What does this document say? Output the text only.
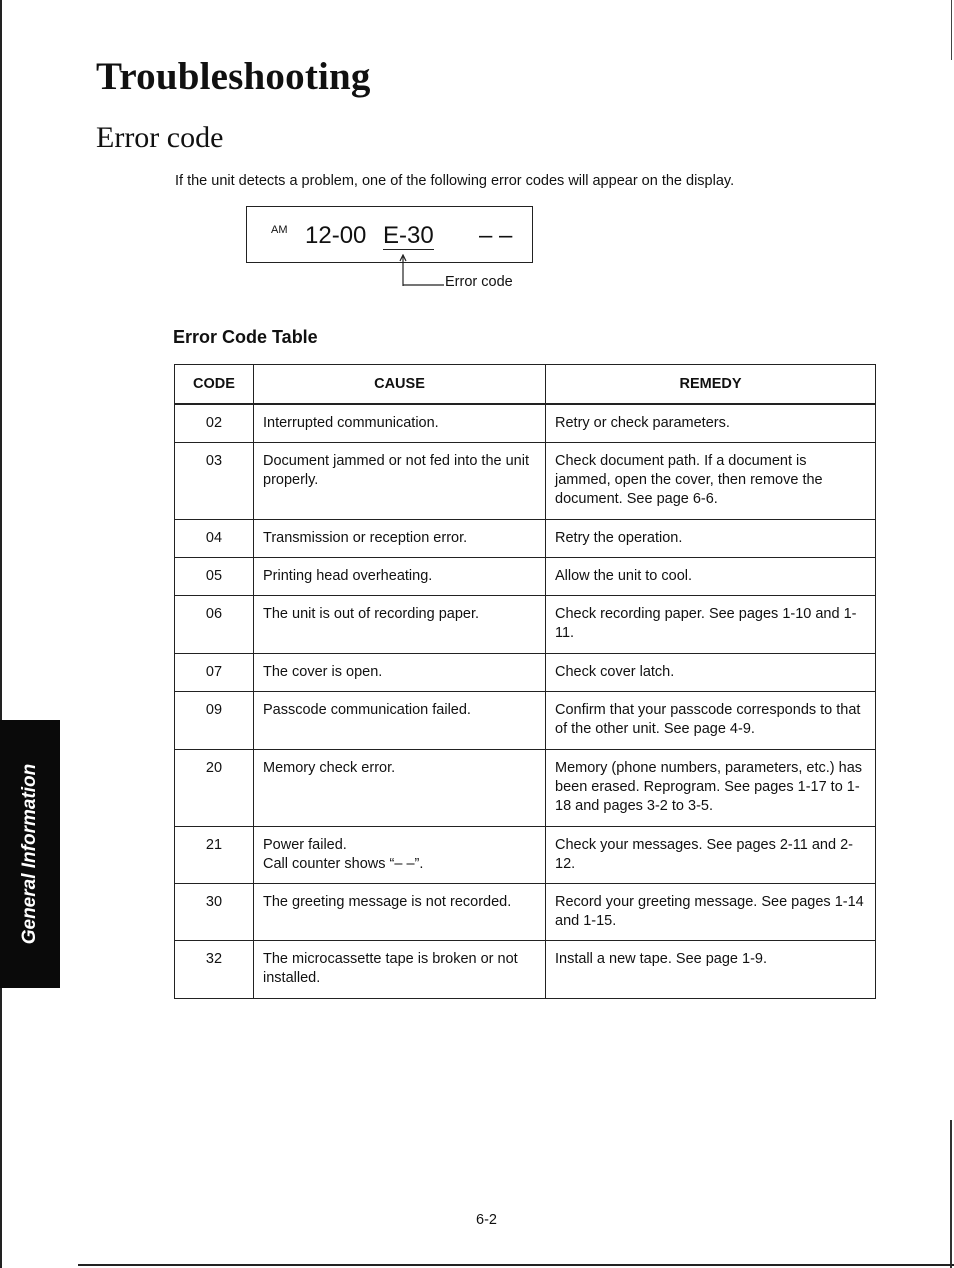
Troubleshooting
Error code

If the unit detects a problem, one of the following error codes will appear on the display.

AM 12-00 E-30 – –
Error code
Error Code Table
CODE	CAUSE	REMEDY
02	Interrupted communication.	Retry or check parameters.
03	Document jammed or not fed into the unit properly.	Check document path. If a document is jammed, open the cover, then remove the document. See page 6-6.
04	Transmission or reception error.	Retry the operation.
05	Printing head overheating.	Allow the unit to cool.
06	The unit is out of recording paper.	Check recording paper. See pages 1-10 and 1-11.
07	The cover is open.	Check cover latch.
09	Passcode communication failed.	Confirm that your passcode corresponds to that of the other unit. See page 4-9.
20	Memory check error.	Memory (phone numbers, parameters, etc.) has been erased. Reprogram. See pages 1-17 to 1-18 and pages 3-2 to 3-5.
21	Power failed.
Call counter shows “– –”.	Check your messages. See pages 2-11 and 2-12.
30	The greeting message is not recorded.	Record your greeting message. See pages 1-14 and 1-15.
32	The microcassette tape is broken or not installed.	Install a new tape. See page 1-9.
General Information

6-2
